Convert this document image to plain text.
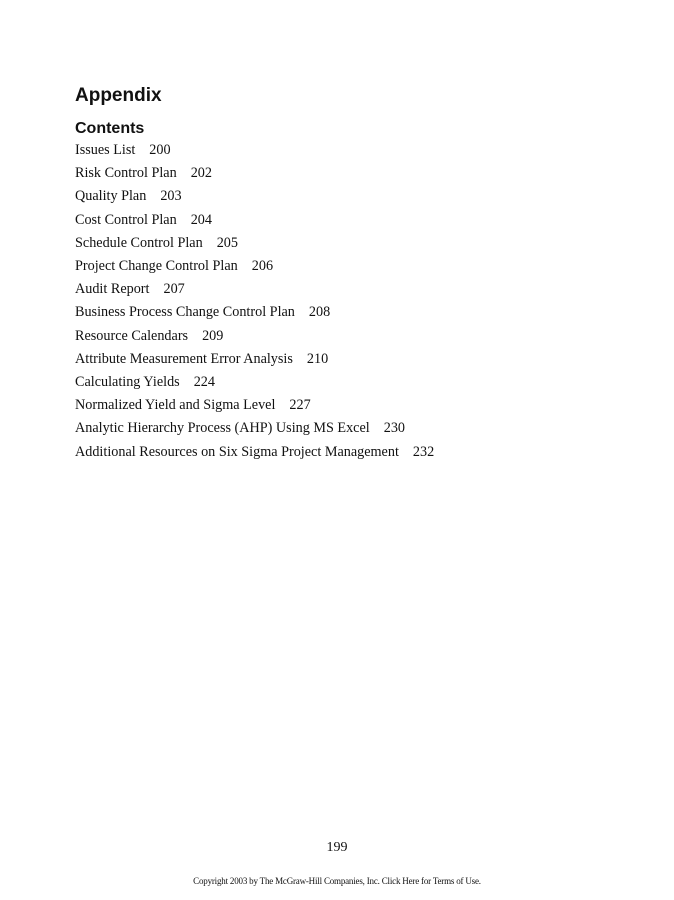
Appendix
Contents
Issues List 200
Risk Control Plan 202
Quality Plan 203
Cost Control Plan 204
Schedule Control Plan 205
Project Change Control Plan 206
Audit Report 207
Business Process Change Control Plan 208
Resource Calendars 209
Attribute Measurement Error Analysis 210
Calculating Yields 224
Normalized Yield and Sigma Level 227
Analytic Hierarchy Process (AHP) Using MS Excel 230
Additional Resources on Six Sigma Project Management 232
199
Copyright 2003 by The McGraw-Hill Companies, Inc. Click Here for Terms of Use.
